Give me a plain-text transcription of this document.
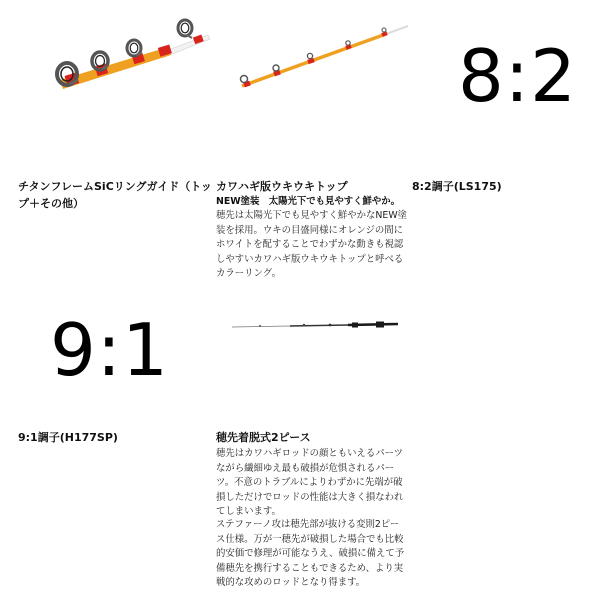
8:2
チタンフレームSiCリングガイド（トップ＋その他）
カワハギ版ウキウキトップ
NEW塗装　太陽光下でも見やすく鮮やか。
穂先は太陽光下でも見やすく鮮やかなNEW塗装を採用。ウキの目盛同様にオレンジの間にホワイトを配することでわずかな動きも視認しやすいカワハギ版ウキウキトップと呼べるカラーリング。
8:2調子(LS175)
9:1
9:1調子(H177SP)	穂先着脱式2ピース
穂先はカワハギロッドの顔ともいえるパーツながら繊細ゆえ最も破損が危惧されるパーツ。不意のトラブルによりわずかに先端が破損しただけでロッドの性能は大きく損なわれてしまいます。
ステファーノ攻は穂先部が抜ける変則2ピース仕様。万が一穂先が破損した場合でも比較的安価で修理が可能なうえ、破損に備えて予備穂先を携行することもできるため、より実戦的な攻めのロッドとなり得ます。
